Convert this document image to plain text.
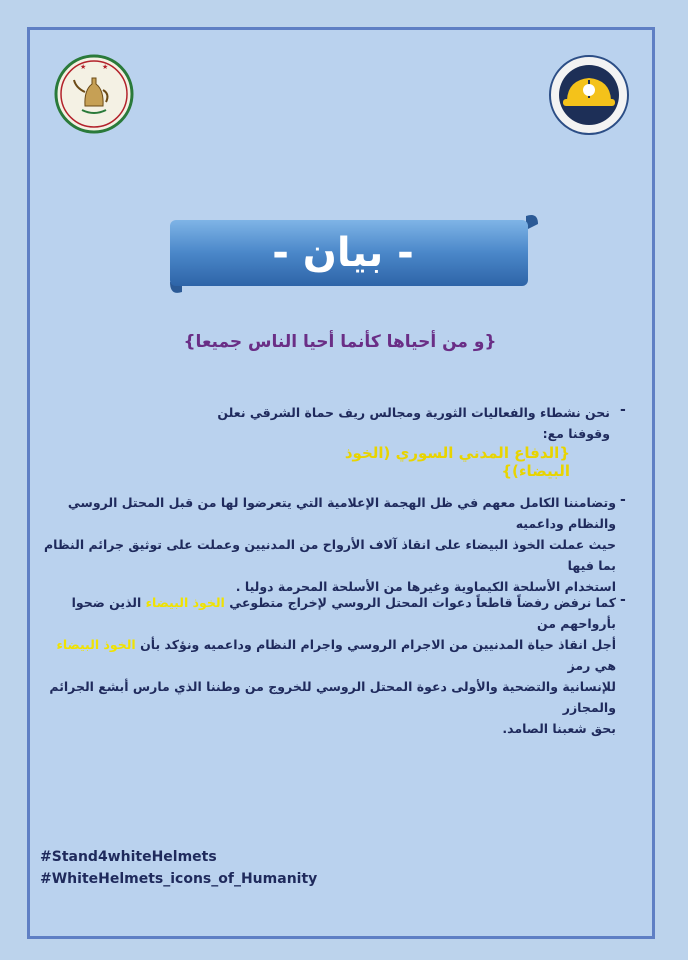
★ ★
- بيان -
{و من أحياها كأنما أحيا الناس جميعا}
-
نحن نشطاء والفعاليات الثورية ومجالس ريف حماة الشرقي نعلن وقوفنا مع:
{الدفاع المدني السوري (الخوذ البيضاء)}
-
وتضامننا الكامل معهم في ظل الهجمة الإعلامية التي يتعرضوا لها من قبل المحتل الروسي والنظام وداعميه
حيث عملت الخوذ البيضاء على انقاذ آلاف الأرواح من المدنيين وعملت على توثيق جرائم النظام بما فيها
استخدام الأسلحة الكيماوية وغيرها من الأسلحة المحرمة دوليا .
-
كما نرفض رفضاً قاطعاً دعوات المحتل الروسي لإخراج متطوعي الخوذ البيضاء الذين ضحوا بأرواحهم من
أجل انقاذ حياة المدنيين من الاجرام الروسي واجرام النظام وداعميه ونؤكد بأن الخوذ البيضاء هي رمز
للإنسانية والتضحية والأولى دعوة المحتل الروسي للخروج من وطننا الذي مارس أبشع الجرائم والمجازر
بحق شعبنا الصامد.
#Stand4whiteHelmets
#WhiteHelmets_icons_of_Humanity
